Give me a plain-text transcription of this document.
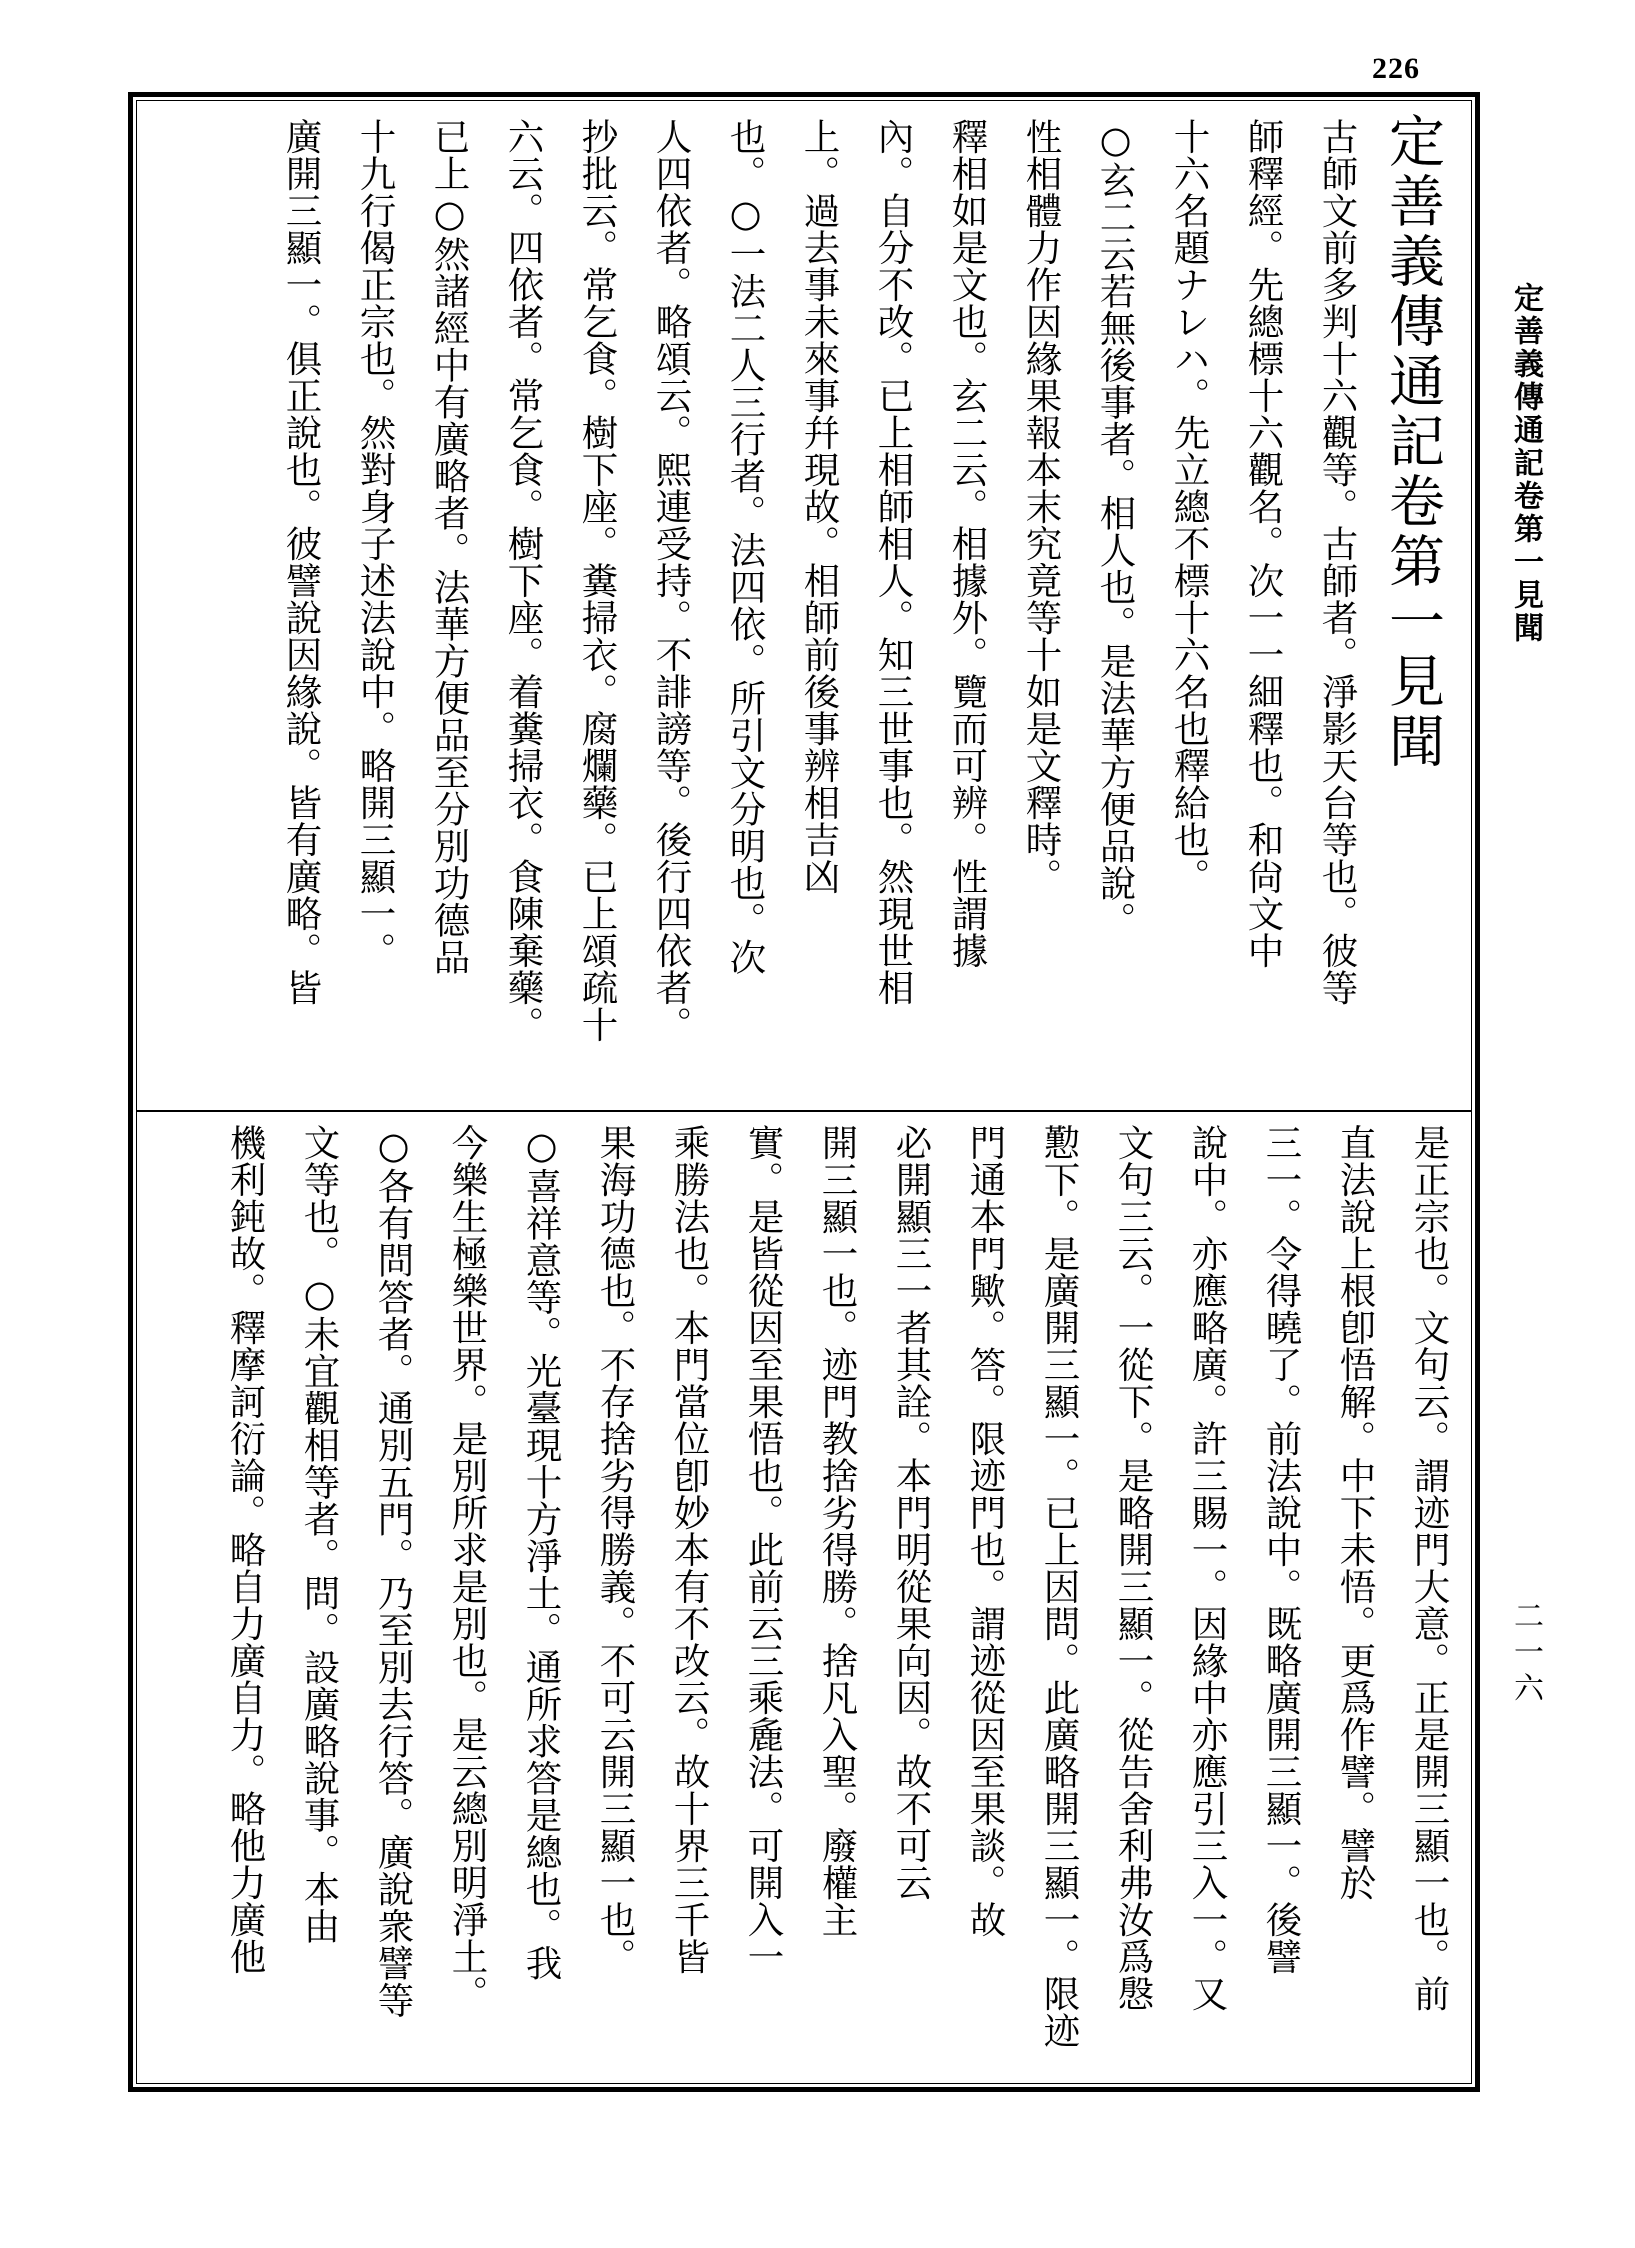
226
定善義傳通記卷第一見聞
二一六
定善義傳通記卷第一見聞

古師文前多判十六觀等。古師者。淨影天台等也。彼等

師釋經。先總標十六觀名。次一一細釋也。和尙文中

十六名題ナレハ。先立總不標十六名也釋給也。

○玄二云若無後事者。相人也。是法華方便品說。

性相體力作因緣果報本末究竟等十如是文釋時。

釋相如是文也。玄二云。相據外。覽而可辨。性謂據

內。自分不改。已上相師相人。知三世事也。然現世相

上。過去事未來事幷現故。相師前後事辨相吉凶

也。○一法二人三行者。法四依。所引文分明也。次

人四依者。略頌云。熙連受持。不誹謗等。後行四依者。

抄批云。常乞食。樹下座。糞掃衣。腐爛藥。已上頌疏十

六云。四依者。常乞食。樹下座。着糞掃衣。食陳棄藥。

已上○然諸經中有廣略者。法華方便品至分別功德品

十九行偈正宗也。然對身子述法說中。略開三顯一。

廣開三顯一。俱正說也。彼譬說因緣說。皆有廣略。皆

是正宗也。文句云。謂迹門大意。正是開三顯一也。前

直法說上根卽悟解。中下未悟。更爲作譬。譬於

三一。令得曉了。前法說中。既略廣開三顯一。後譬

說中。亦應略廣。許三賜一。因緣中亦應引三入一。又

文句三云。一從下。是略開三顯一。從告舍利弗汝爲慇

懃下。是廣開三顯一。已上因問。此廣略開三顯一。限迹

門通本門歟。答。限迹門也。謂迹從因至果談。故

必開顯三一者其詮。本門明從果向因。故不可云

開三顯一也。迹門教捨劣得勝。捨凡入聖。廢權主

實。是皆從因至果悟也。此前云三乘麁法。可開入一

乘勝法也。本門當位卽妙本有不改云。故十界三千皆

果海功德也。不存捨劣得勝義。不可云開三顯一也。

○喜祥意等。光臺現十方淨土。通所求答是總也。我

今樂生極樂世界。是別所求是別也。是云總別明淨土。

○各有問答者。通別五門。乃至別去行答。廣說衆譬等

文等也。○未宜觀相等者。問。設廣略說事。本由

機利鈍故。釋摩訶衍論。略自力廣自力。略他力廣他
